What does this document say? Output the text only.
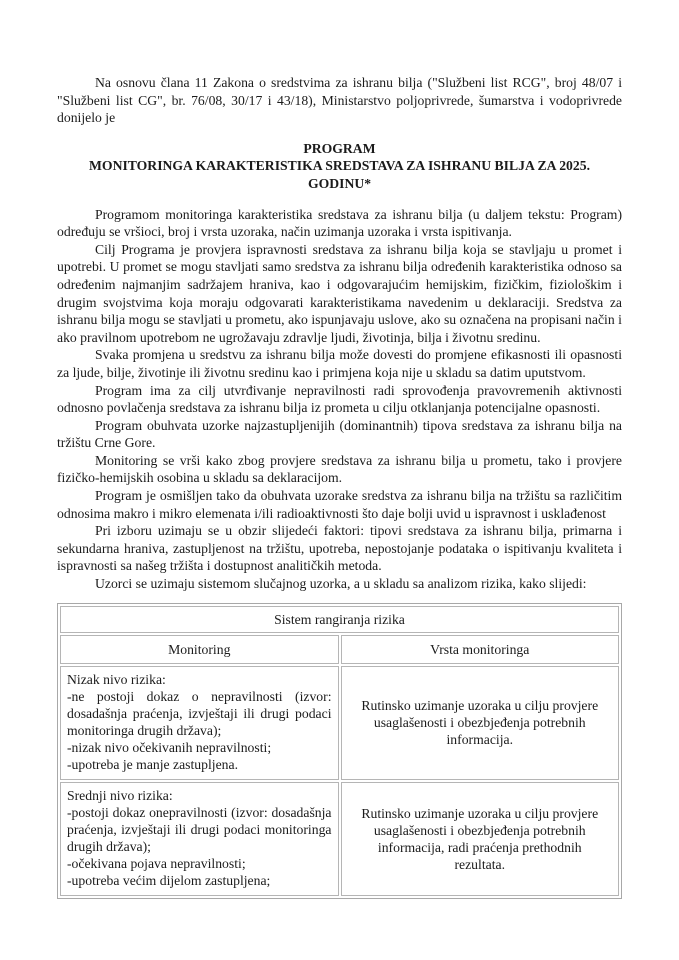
Na osnovu člana 11 Zakona o sredstvima za ishranu bilja ("Službeni list RCG", broj 48/07 i "Službeni list CG", br. 76/08, 30/17 i 43/18), Ministarstvo poljoprivrede, šumarstva i vodoprivrede donijelo je

PROGRAM
MONITORINGA KARAKTERISTIKA SREDSTAVA ZA ISHRANU BILJA ZA 2025. GODINU*

Programom monitoringa karakteristika sredstava za ishranu bilja (u daljem tekstu: Program) određuju se vršioci, broj i vrsta uzoraka, način uzimanja uzoraka i vrsta ispitivanja.

Cilj Programa je provjera ispravnosti sredstava za ishranu bilja koja se stavljaju u promet i upotrebi. U promet se mogu stavljati samo sredstva za ishranu bilja određenih karakteristika odnoso sa određenim najmanjim sadržajem hraniva, kao i odgovarajućim hemijskim, fizičkim, fiziološkim i drugim svojstvima koja moraju odgovarati karakteristikama navedenim u deklaraciji. Sredstva za ishranu bilja mogu se stavljati u prometu, ako ispunjavaju uslove, ako su označena na propisani način i ako pravilnom upotrebom ne ugrožavaju zdravlje ljudi, životinja, bilja i životnu sredinu.

Svaka promjena u sredstvu za ishranu bilja može dovesti do promjene efikasnosti ili opasnosti za ljude, bilje, životinje ili životnu sredinu kao i primjena koja nije u skladu sa datim uputstvom.

Program ima za cilj utvrđivanje nepravilnosti radi sprovođenja pravovremenih aktivnosti odnosno povlačenja sredstava za ishranu bilja iz prometa u cilju otklanjanja potencijalne opasnosti.

Program obuhvata uzorke najzastupljenijih (dominantnih) tipova sredstava za ishranu bilja na tržištu Crne Gore.

Monitoring se vrši kako zbog provjere sredstava za ishranu bilja u prometu, tako i provjere fizičko-hemijskih osobina u skladu sa deklaracijom.

Program je osmišljen tako da obuhvata uzorake sredstva za ishranu bilja na tržištu sa različitim odnosima makro i mikro elemenata i/ili radioaktivnosti što daje bolji uvid u ispravnost i usklađenost

Pri izboru uzimaju se u obzir slijedeći faktori: tipovi sredstava za ishranu bilja, primarna i sekundarna hraniva, zastupljenost na tržištu, upotreba, nepostojanje podataka o ispitivanju kvaliteta i ispravnosti sa našeg tržišta i dostupnost analitičkih metoda.

Uzorci se uzimaju sistemom slučajnog uzorka, a u skladu sa analizom rizika, kako slijedi:

Sistem rangiranja rizika	
Monitoring	Vrsta monitoringa

Nizak nivo rizika:
-ne postoji dokaz o nepravilnosti (izvor: dosadašnja praćenja, izvještaji ili drugi podaci monitoringa drugih država);
-nizak nivo očekivanih nepravilnosti;
-upotreba je manje zastupljena.	Rutinsko uzimanje uzoraka u cilju provjere usaglašenosti i obezbjeđenja potrebnih informacija.

Srednji nivo rizika:
-postoji dokaz onepravilnosti (izvor: dosadašnja praćenja, izvještaji ili drugi podaci monitoringa drugih država);
-očekivana pojava nepravilnosti;
-upotreba većim dijelom zastupljena;	Rutinsko uzimanje uzoraka u cilju provjere usaglašenosti i obezbjeđenja potrebnih informacija, radi praćenja prethodnih rezultata.
